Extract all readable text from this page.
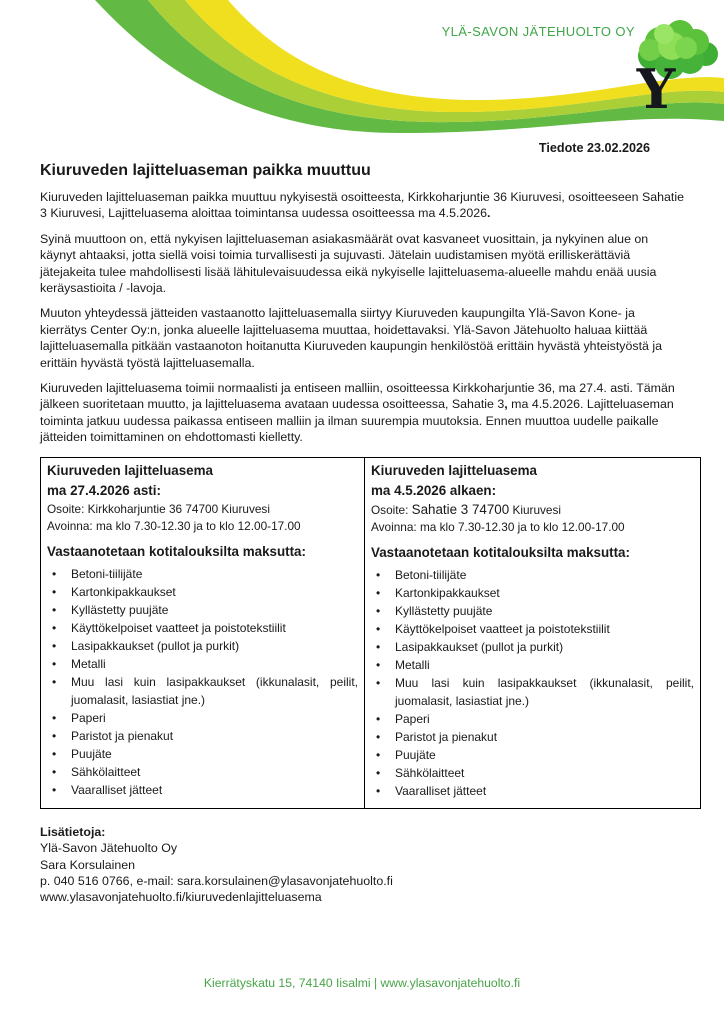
YLÄ-SAVON JÄTEHUOLTO OY
Y
Tiedote 23.02.2026
Kiuruveden lajitteluaseman paikka muuttuu

Kiuruveden lajitteluaseman paikka muuttuu nykyisestä osoitteesta, Kirkkoharjuntie 36 Kiuruvesi, osoitteeseen Sahatie 3 Kiuruvesi, Lajitteluasema aloittaa toimintansa uudessa osoitteessa ma 4.5.2026.

Syinä muuttoon on, että nykyisen lajitteluaseman asiakasmäärät ovat kasvaneet vuosittain, ja nykyinen alue on käynyt ahtaaksi, jotta siellä voisi toimia turvallisesti ja sujuvasti. Jätelain uudistamisen myötä erilliskerättäviä jätejakeita tulee mahdollisesti lisää lähitulevaisuudessa eikä nykyiselle lajitteluasema-alueelle mahdu enää uusia keräysastioita / -lavoja.

Muuton yhteydessä jätteiden vastaanotto lajitteluasemalla siirtyy Kiuruveden kaupungilta Ylä-Savon Kone- ja kierrätys Center Oy:n, jonka alueelle lajitteluasema muuttaa, hoidettavaksi. Ylä-Savon Jätehuolto haluaa kiittää lajitteluasemalla pitkään vastaanoton hoitanutta Kiuruveden kaupungin henkilöstöä erittäin hyvästä yhteistyöstä ja erittäin hyvästä työstä lajitteluasemalla.

Kiuruveden lajitteluasema toimii normaalisti ja entiseen malliin, osoitteessa Kirkkoharjuntie 36, ma 27.4. asti. Tämän jälkeen suoritetaan muutto, ja lajitteluasema avataan uudessa osoitteessa, Sahatie 3, ma 4.5.2026. Lajitteluaseman toiminta jatkuu uudessa paikassa entiseen malliin ja ilman suurempia muutoksia. Ennen muuttoa uudelle paikalle jätteiden toimittaminen on ehdottomasti kielletty.

Kiuruveden lajitteluasema
ma 27.4.2026 asti:
Osoite: Kirkkoharjuntie 36 74700 Kiuruvesi
Avoinna: ma klo 7.30-12.30 ja to klo 12.00-17.00
Vastaanotetaan kotitalouksilta maksutta:
• Betoni-tiilijäte
• Kartonkipakkaukset
• Kyllästetty puujäte
• Käyttökelpoiset vaatteet ja poistotekstiilit
• Lasipakkaukset (pullot ja purkit)
• Metalli
• Muu lasi kuin lasipakkaukset (ikkunalasit, peilit, juomalasit, lasiastiat jne.)
• Paperi
• Paristot ja pienakut
• Puujäte
• Sähkölaitteet
• Vaaralliset jätteet

Kiuruveden lajitteluasema
ma 4.5.2026 alkaen:
Osoite: Sahatie 3 74700 Kiuruvesi
Avoinna: ma klo 7.30-12.30 ja to klo 12.00-17.00
Vastaanotetaan kotitalouksilta maksutta:
• Betoni-tiilijäte
• Kartonkipakkaukset
• Kyllästetty puujäte
• Käyttökelpoiset vaatteet ja poistotekstiilit
• Lasipakkaukset (pullot ja purkit)
• Metalli
• Muu lasi kuin lasipakkaukset (ikkunalasit, peilit, juomalasit, lasiastiat jne.)
• Paperi
• Paristot ja pienakut
• Puujäte
• Sähkölaitteet
• Vaaralliset jätteet
Lisätietoja:
Ylä-Savon Jätehuolto Oy
Sara Korsulainen
p. 040 516 0766, e-mail: sara.korsulainen@ylasavonjatehuolto.fi
www.ylasavonjatehuolto.fi/kiuruvedenlajitteluasema
Kierrätyskatu 15, 74140 Iisalmi | www.ylasavonjatehuolto.fi
